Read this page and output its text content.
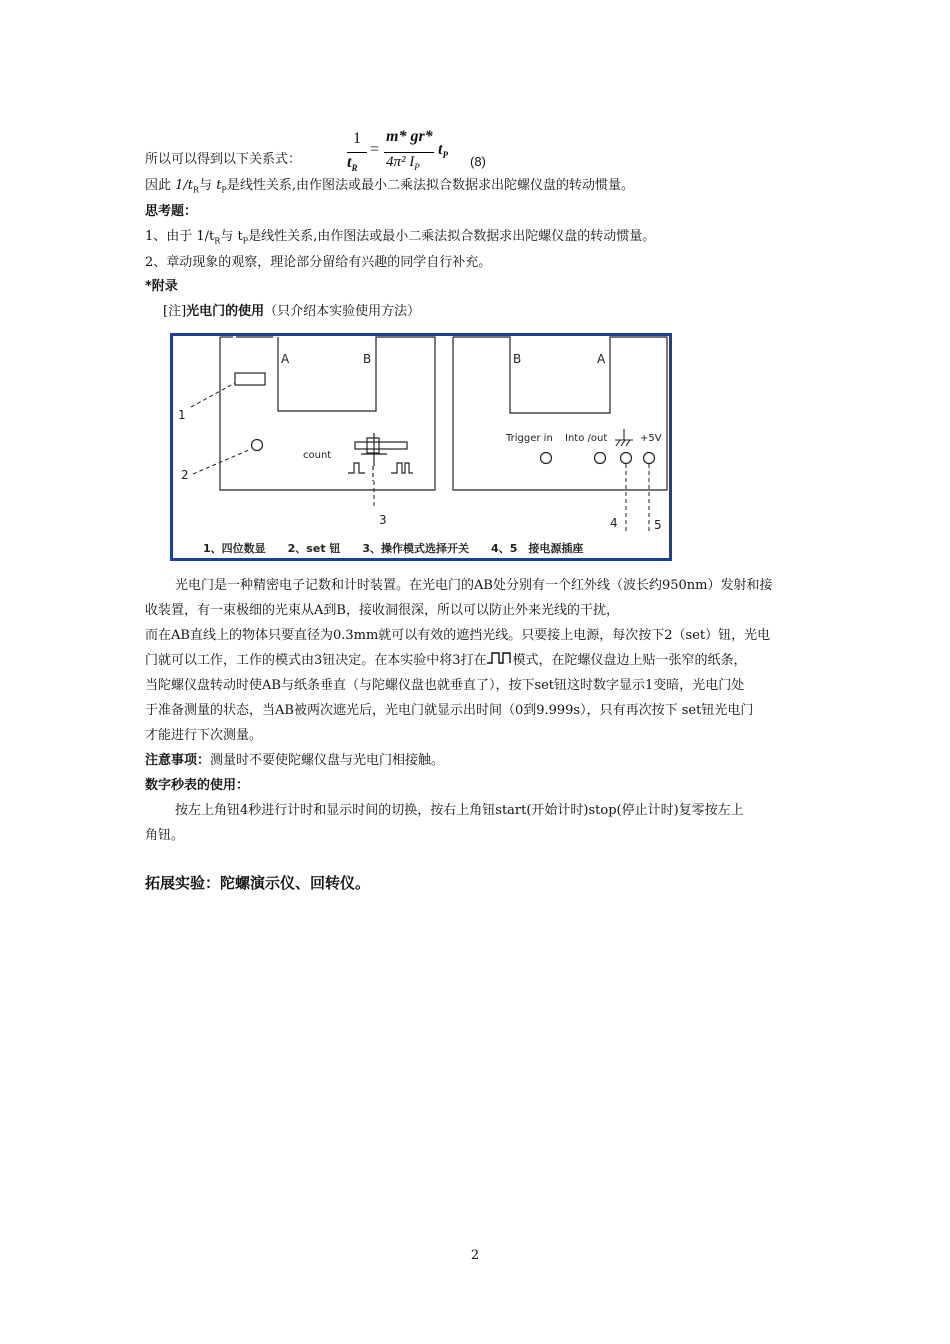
所以可以得到以下关系式：
1
$t_R$
=
m* gr*
4π² $I_P$
$t_P$ (8)
因此 $1/t_R$与 $t_P$是线性关系,由作图法或最小二乘法拟合数据求出陀螺仪盘的转动惯量。
思考题：
1、由于 $1/t_R$与 $t_P$是线性关系,由作图法或最小二乘法拟合数据求出陀螺仪盘的转动惯量。
2、章动现象的观察，理论部分留给有兴趣的同学自行补充。
*附录
[注]光电门的使用（只介绍本实验使用方法）
A	B
1
2
count
3
B	A
Trigger in Into /out	+5V
4	5
1、四位数显　　2、set 钮　　3、操作模式选择开关　　4、5　接电源插座
光电门是一种精密电子记数和计时装置。在光电门的AB处分别有一个红外线（波长约950nm）发射和接
收装置，有一束极细的光束从A到B，接收洞很深，所以可以防止外来光线的干扰，
而在AB直线上的物体只要直径为0.3mm就可以有效的遮挡光线。只要接上电源，每次按下2（set）钮，光电
门就可以工作，工作的模式由3钮决定。在本实验中将3打在 模式，在陀螺仪盘边上贴一张窄的纸条，
当陀螺仪盘转动时使AB与纸条垂直（与陀螺仪盘也就垂直了），按下set钮这时数字显示1变暗，光电门处
于准备测量的状态，当AB被两次遮光后，光电门就显示出时间（0到9.999s），只有再次按下 set钮光电门
才能进行下次测量。
注意事项：测量时不要使陀螺仪盘与光电门相接触。
数字秒表的使用：
按左上角钮4秒进行计时和显示时间的切换，按右上角钮start(开始计时)stop(停止计时)复零按左上
角钮。
拓展实验：陀螺演示仪、回转仪。
2
